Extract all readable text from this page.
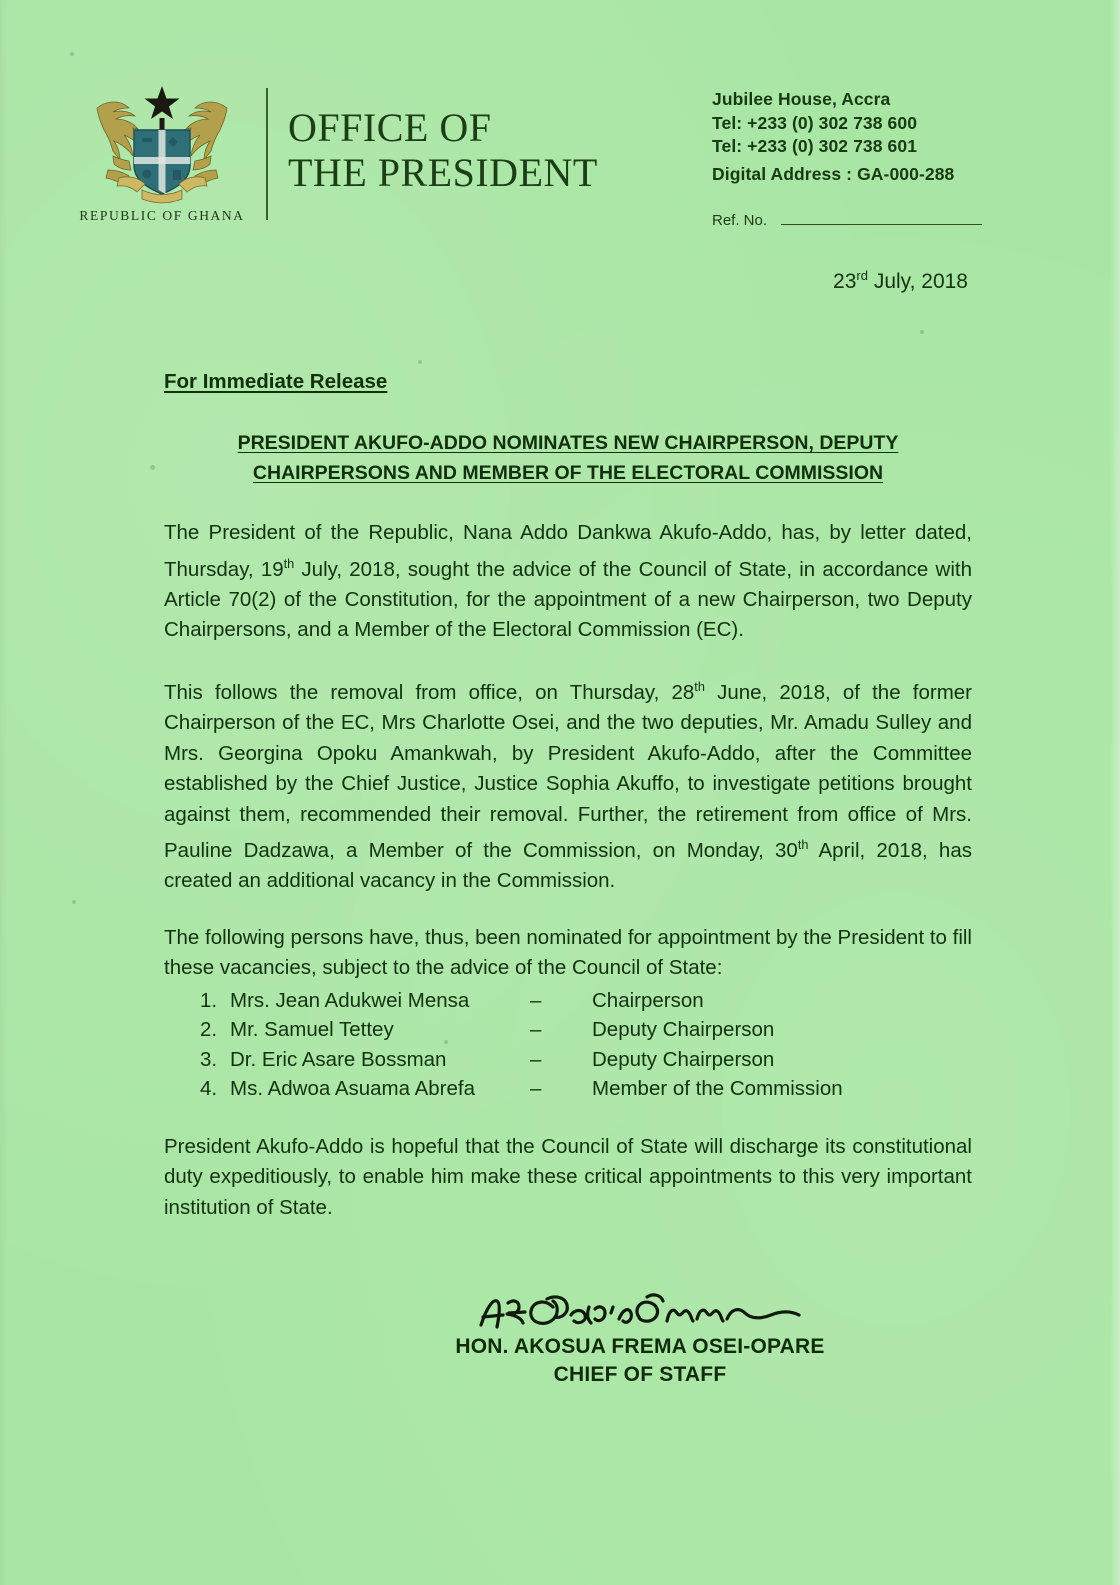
REPUBLIC OF GHANA
OFFICE OF
THE PRESIDENT
Jubilee House, Accra
Tel: +233 (0) 302 738 600
Tel: +233 (0) 302 738 601
Digital Address : GA-000-288
Ref. No.
23rd July, 2018
For Immediate Release
PRESIDENT AKUFO-ADDO NOMINATES NEW CHAIRPERSON, DEPUTY
CHAIRPERSONS AND MEMBER OF THE ELECTORAL COMMISSION

The President of the Republic, Nana Addo Dankwa Akufo-Addo, has, by letter dated, Thursday, 19th July, 2018, sought the advice of the Council of State, in accordance with Article 70(2) of the Constitution, for the appointment of a new Chairperson, two Deputy Chairpersons, and a Member of the Electoral Commission (EC).

This follows the removal from office, on Thursday, 28th June, 2018, of the former Chairperson of the EC, Mrs Charlotte Osei, and the two deputies, Mr. Amadu Sulley and Mrs. Georgina Opoku Amankwah, by President Akufo-Addo, after the Committee established by the Chief Justice, Justice Sophia Akuffo, to investigate petitions brought against them, recommended their removal. Further, the retirement from office of Mrs. Pauline Dadzawa, a Member of the Commission, on Monday, 30th April, 2018, has created an additional vacancy in the Commission.

The following persons have, thus, been nominated for appointment by the President to fill these vacancies, subject to the advice of the Council of State:

1. Mrs. Jean Adukwei Mensa	–	Chairperson
2. Mr. Samuel Tettey	–	Deputy Chairperson
3. Dr. Eric Asare Bossman	–	Deputy Chairperson
4. Ms. Adwoa Asuama Abrefa	–	Member of the Commission

President Akufo-Addo is hopeful that the Council of State will discharge its constitutional duty expeditiously, to enable him make these critical appointments to this very important institution of State.

HON. AKOSUA FREMA OSEI-OPARE
CHIEF OF STAFF
